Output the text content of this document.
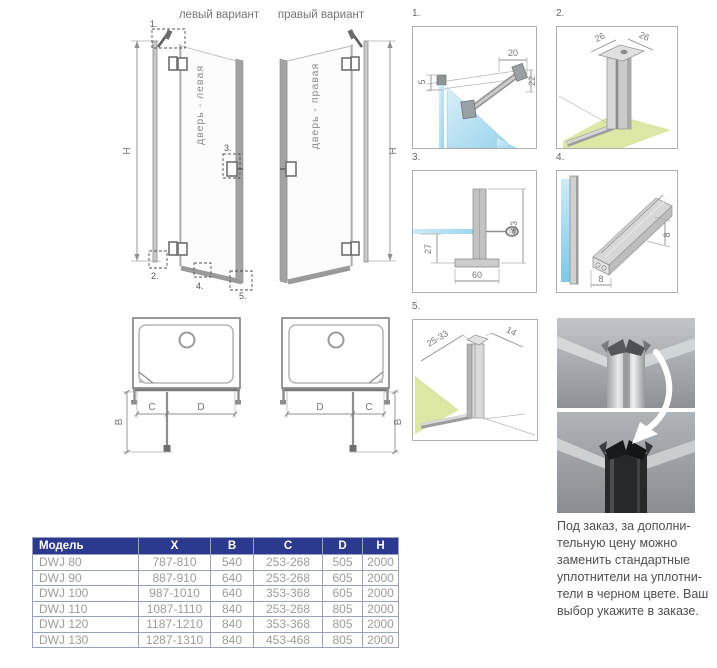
левый вариант правый вариант
H
дверь - левая
1.
2.
3.
4.
5.
H
дверь - правая
C	D
B
D	C
B
1.
20
5	22
2.
26	26
3.
63
27
60
4.
8
8
5.
25-33	14
Под заказ, за дополни-
тельную цену можно
заменить стандартные
уплотнители на уплотни-
тели в черном цвете. Ваш
выбор укажите в заказе.
Модель	X	B	C	D	H
DWJ 80	787-810	540	253-268	505	2000
DWJ 90	887-910	640	253-268	605	2000
DWJ 100	987-1010	640	353-368	605	2000
DWJ 110	1087-1110	840	253-268	805	2000
DWJ 120	1187-1210	840	353-368	805	2000
DWJ 130	1287-1310	840	453-468	805	2000
